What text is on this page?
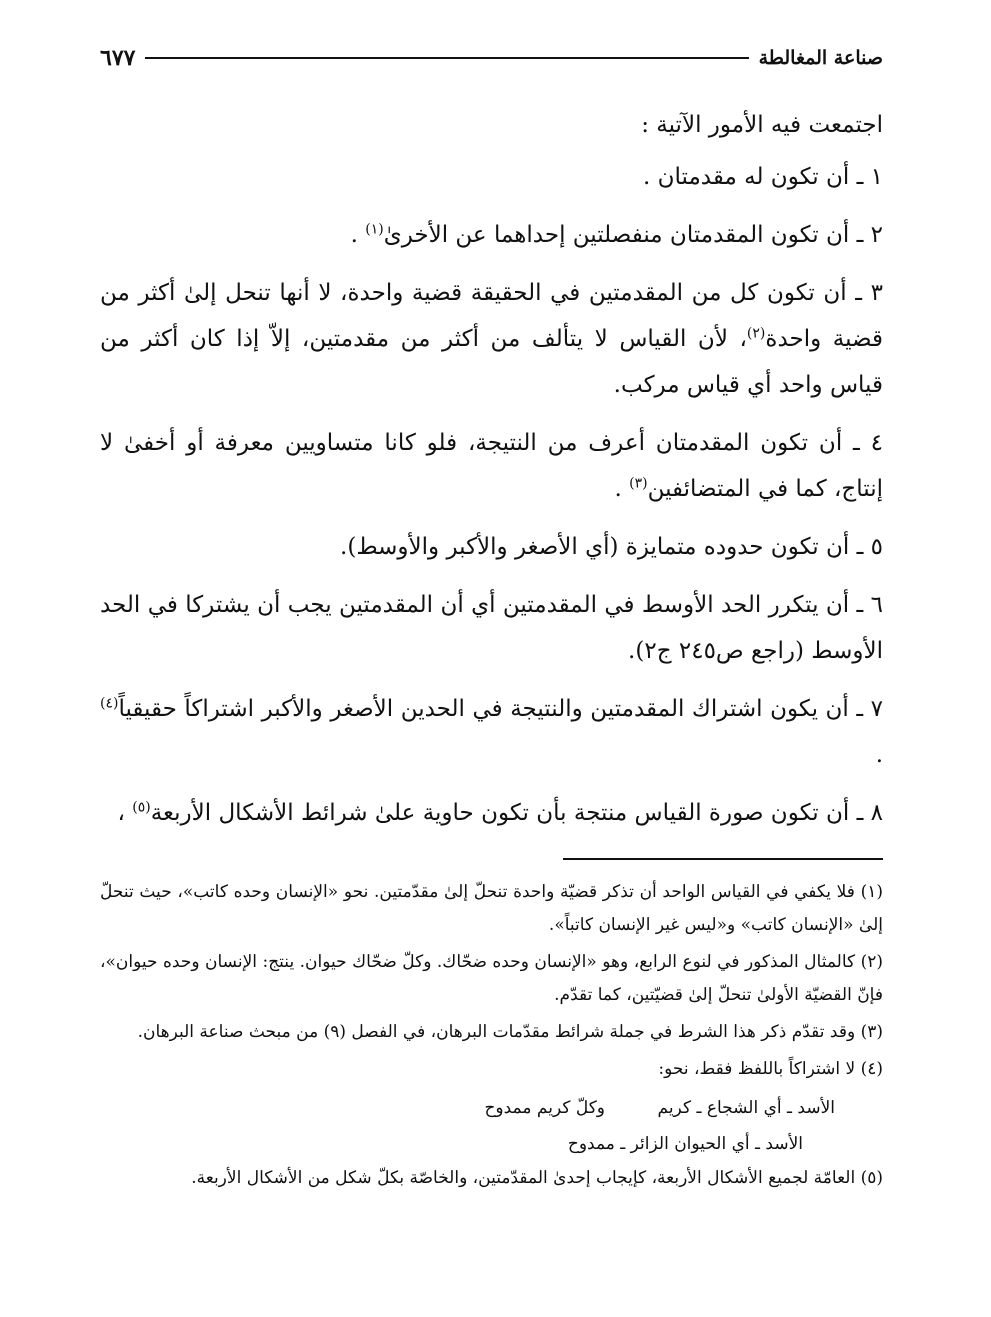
صناعة المغالطة
٦٧٧

اجتمعت فيه الأمور الآتية :

١ ـ أن تكون له مقدمتان .

٢ ـ أن تكون المقدمتان منفصلتين إحداهما عن الأخرىٰ$^{(١)}$ .

٣ ـ أن تكون كل من المقدمتين في الحقيقة قضية واحدة، لا أنها تنحل إلىٰ أكثر من قضية واحدة$^{(٢)}$، لأن القياس لا يتألف من أكثر من مقدمتين، إلاّ إذا كان أكثر من قياس واحد أي قياس مركب.

٤ ـ أن تكون المقدمتان أعرف من النتيجة، فلو كانا متساويين معرفة أو أخفىٰ لا إنتاج، كما في المتضائفين$^{(٣)}$ .

٥ ـ أن تكون حدوده متمايزة (أي الأصغر والأكبر والأوسط).

٦ ـ أن يتكرر الحد الأوسط في المقدمتين أي أن المقدمتين يجب أن يشتركا في الحد الأوسط (راجع ص٢٤٥ ج٢).

٧ ـ أن يكون اشتراك المقدمتين والنتيجة في الحدين الأصغر والأكبر اشتراكاً حقيقياً$^{(٤)}$ .

٨ ـ أن تكون صورة القياس منتجة بأن تكون حاوية علىٰ شرائط الأشكال الأربعة$^{(٥)}$ ،

(١) فلا يكفي في القياس الواحد أن تذكر قضيّة واحدة تنحلّ إلىٰ مقدّمتين. نحو «الإنسان وحده كاتب»، حيث تنحلّ إلىٰ «الإنسان كاتب» و«ليس غير الإنسان كاتباً».

(٢) كالمثال المذكور في لنوع الرابع، وهو «الإنسان وحده ضحّاك. وكلّ ضحّاك حيوان. ينتج: الإنسان وحده حيوان»، فإنّ القضيّة الأولىٰ تنحلّ إلىٰ قضيّتين، كما تقدّم.

(٣) وقد تقدّم ذكر هذا الشرط في جملة شرائط مقدّمات البرهان، في الفصل (٩) من مبحث صناعة البرهان.

(٤) لا اشتراكاً باللفظ فقط، نحو:

الأسد ـ أي الشجاع ـ كريم
وكلّ كريم ممدوح
الأسد ـ أي الحيوان الزائر ـ ممدوح

(٥) العامّة لجميع الأشكال الأربعة، كإيجاب إحدىٰ المقدّمتين، والخاصّة بكلّ شكل من الأشكال الأربعة.
